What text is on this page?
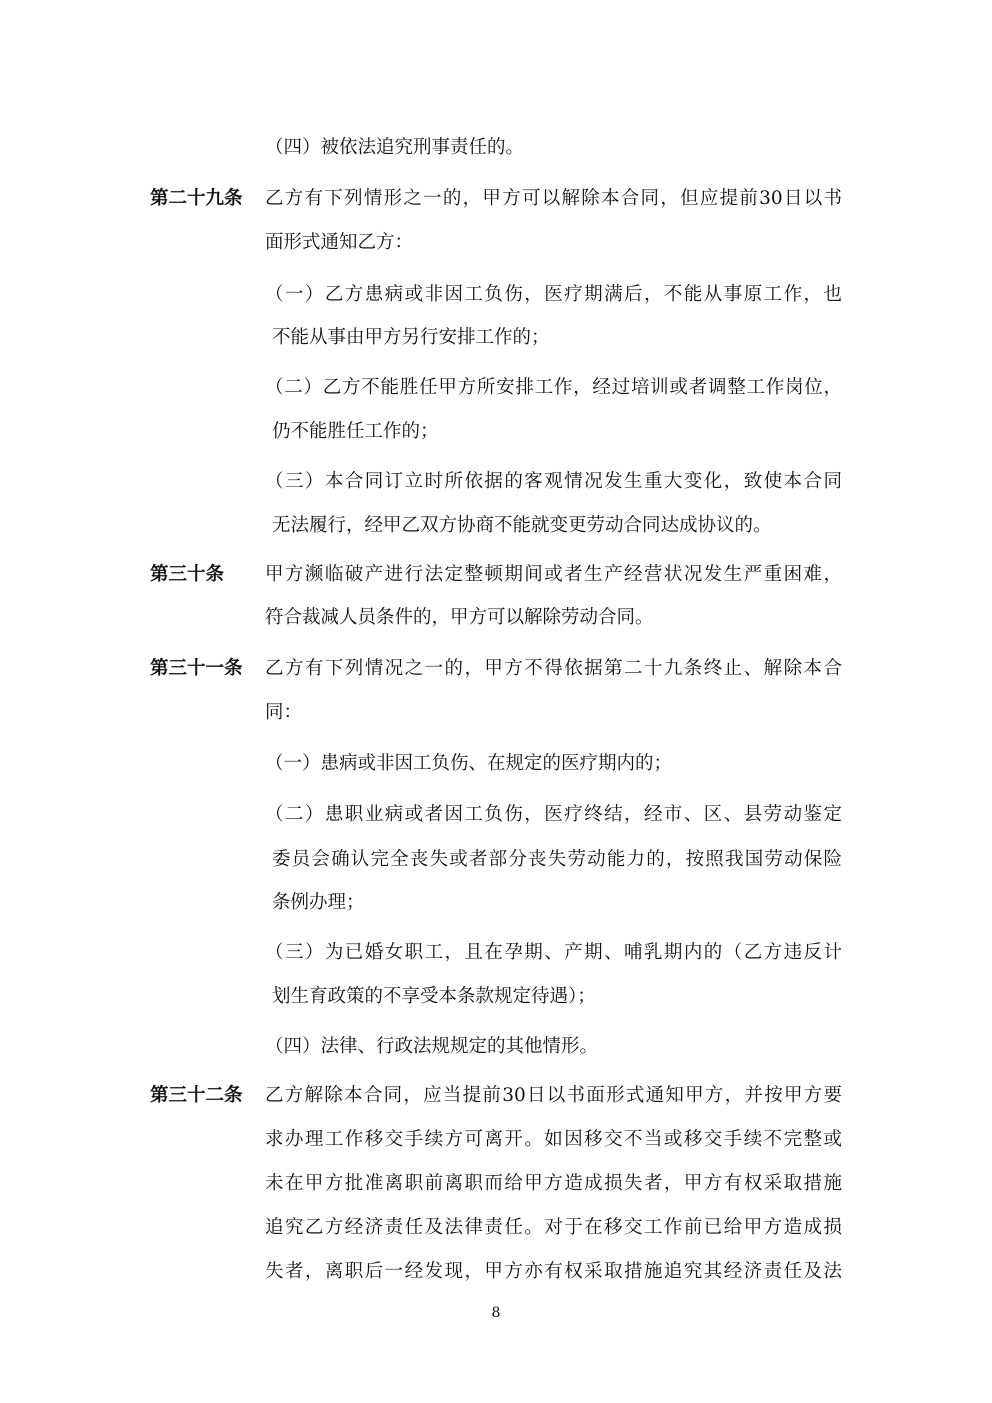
（四）被依法追究刑事责任的。
第二十九条 乙方有下列情形之一的，甲方可以解除本合同，但应提前30日以书
面形式通知乙方：
（一）乙方患病或非因工负伤，医疗期满后，不能从事原工作，也
不能从事由甲方另行安排工作的；
（二）乙方不能胜任甲方所安排工作，经过培训或者调整工作岗位，
仍不能胜任工作的；
（三）本合同订立时所依据的客观情况发生重大变化，致使本合同
无法履行，经甲乙双方协商不能就变更劳动合同达成协议的。
第三十条 甲方濒临破产进行法定整顿期间或者生产经营状况发生严重困难，
符合裁减人员条件的，甲方可以解除劳动合同。
第三十一条 乙方有下列情况之一的，甲方不得依据第二十九条终止、解除本合
同：
（一）患病或非因工负伤、在规定的医疗期内的；
（二）患职业病或者因工负伤，医疗终结，经市、区、县劳动鉴定
委员会确认完全丧失或者部分丧失劳动能力的，按照我国劳动保险
条例办理；
（三）为已婚女职工，且在孕期、产期、哺乳期内的（乙方违反计
划生育政策的不享受本条款规定待遇）；
（四）法律、行政法规规定的其他情形。
第三十二条 乙方解除本合同，应当提前30日以书面形式通知甲方，并按甲方要
求办理工作移交手续方可离开。如因移交不当或移交手续不完整或
未在甲方批准离职前离职而给甲方造成损失者，甲方有权采取措施
追究乙方经济责任及法律责任。对于在移交工作前已给甲方造成损
失者，离职后一经发现，甲方亦有权采取措施追究其经济责任及法
8
